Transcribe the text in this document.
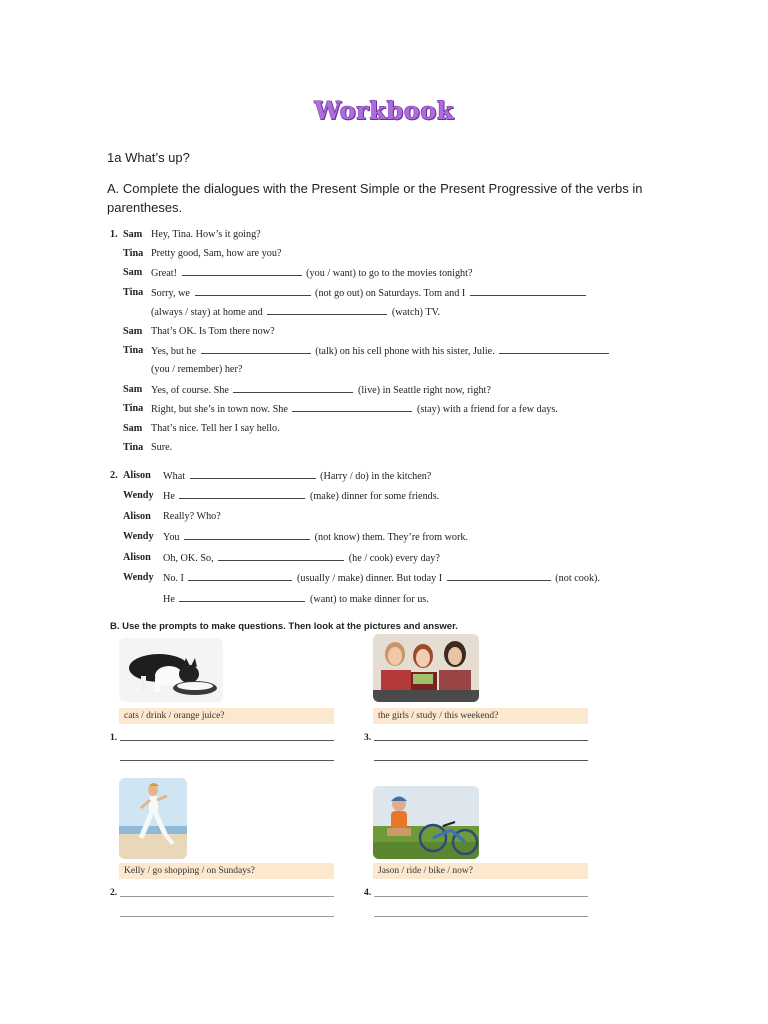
Workbook
1a What’s up?
A. Complete the dialogues with the Present Simple or the Present Progressive of the verbs in parentheses.
1. Sam Hey, Tina. How’s it going?
Tina Pretty good, Sam, how are you?
Sam Great!	(you / want) to go to the movies tonight?
Tina Sorry, we	(not go out) on Saturdays. Tom and I
(always / stay) at home and	(watch) TV.
Sam That’s OK. Is Tom there now?
Tina Yes, but he	(talk) on his cell phone with his sister, Julie.
(you / remember) her?
Sam Yes, of course. She	(live) in Seattle right now, right?
Tina Right, but she’s in town now. She	(stay) with a friend for a few days.
Sam That’s nice. Tell her I say hello.
Tina Sure.
2. Alison What	(Harry / do) in the kitchen?
Wendy He	(make) dinner for some friends.
Alison Really? Who?
Wendy You	(not know) them. They’re from work.
Alison Oh, OK. So,	(he / cook) every day?
Wendy No. I	(usually / make) dinner. But today I	(not cook).
He	(want) to make dinner for us.
B. Use the prompts to make questions. Then look at the pictures and answer.
cats / drink / orange juice?
1.
the girls / study / this weekend?
3.
Kelly / go shopping / on Sundays?
2.
Jason / ride / bike / now?
4.
